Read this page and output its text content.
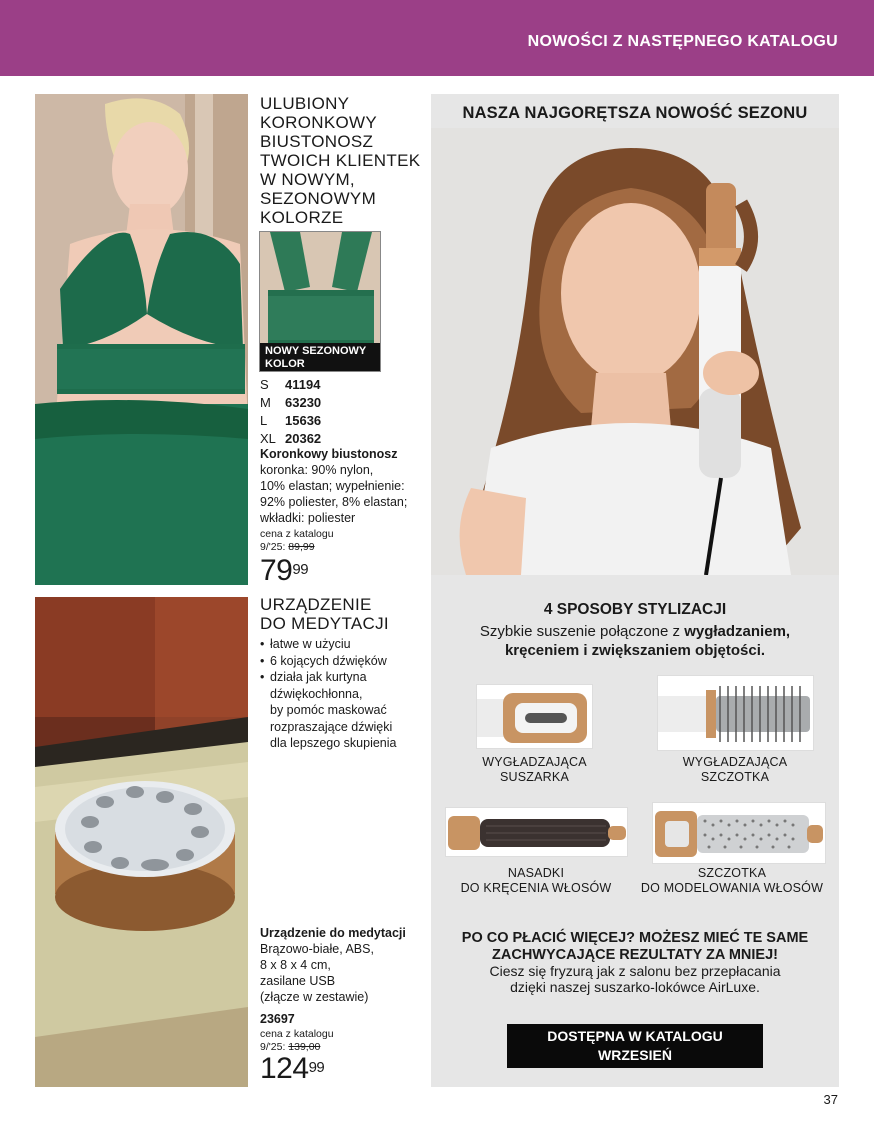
NOWOŚCI Z NASTĘPNEGO KATALOGU
ULUBIONY
KORONKOWY
BIUSTONOSZ
TWOICH KLIENTEK
W NOWYM,
SEZONOWYM
KOLORZE
NOWY SEZONOWY
KOLOR
S	41194
M	63230
L	15636
XL 20362
Koronkowy biustonosz
koronka: 90% nylon,
10% elastan; wypełnienie:
92% poliester, 8% elastan;
wkładki: poliester
cena z katalogu
9/'25: 89,99
$79^{99}$
URZĄDZENIE
DO MEDYTACJI
• łatwe w użyciu
• 6 kojących dźwięków
• działa jak kurtyna
dźwiękochłonna,
by pomóc maskować
rozpraszające dźwięki
dla lepszego skupienia
Urządzenie do medytacji
Brązowo-białe, ABS,
8 x 8 x 4 cm,
zasilane USB
(złącze w zestawie)
23697
cena z katalogu
9/'25: 139,00
$124^{99}$
NASZA NAJGORĘTSZA NOWOŚĆ SEZONU
4 SPOSOBY STYLIZACJI
Szybkie suszenie połączone z wygładzaniem,
kręceniem i zwiększaniem objętości.
WYGŁADZAJĄCA
SUSZARKA
WYGŁADZAJĄCA
SZCZOTKA
NASADKI
DO KRĘCENIA WŁOSÓW
SZCZOTKA
DO MODELOWANIA WŁOSÓW
PO CO PŁACIĆ WIĘCEJ? MOŻESZ MIEĆ TE SAME
ZACHWYCAJĄCE REZULTATY ZA MNIEJ!
Ciesz się fryzurą jak z salonu bez przepłacania
dzięki naszej suszarko-lokówce AirLuxe.
DOSTĘPNA W KATALOGU
WRZESIEŃ
37
